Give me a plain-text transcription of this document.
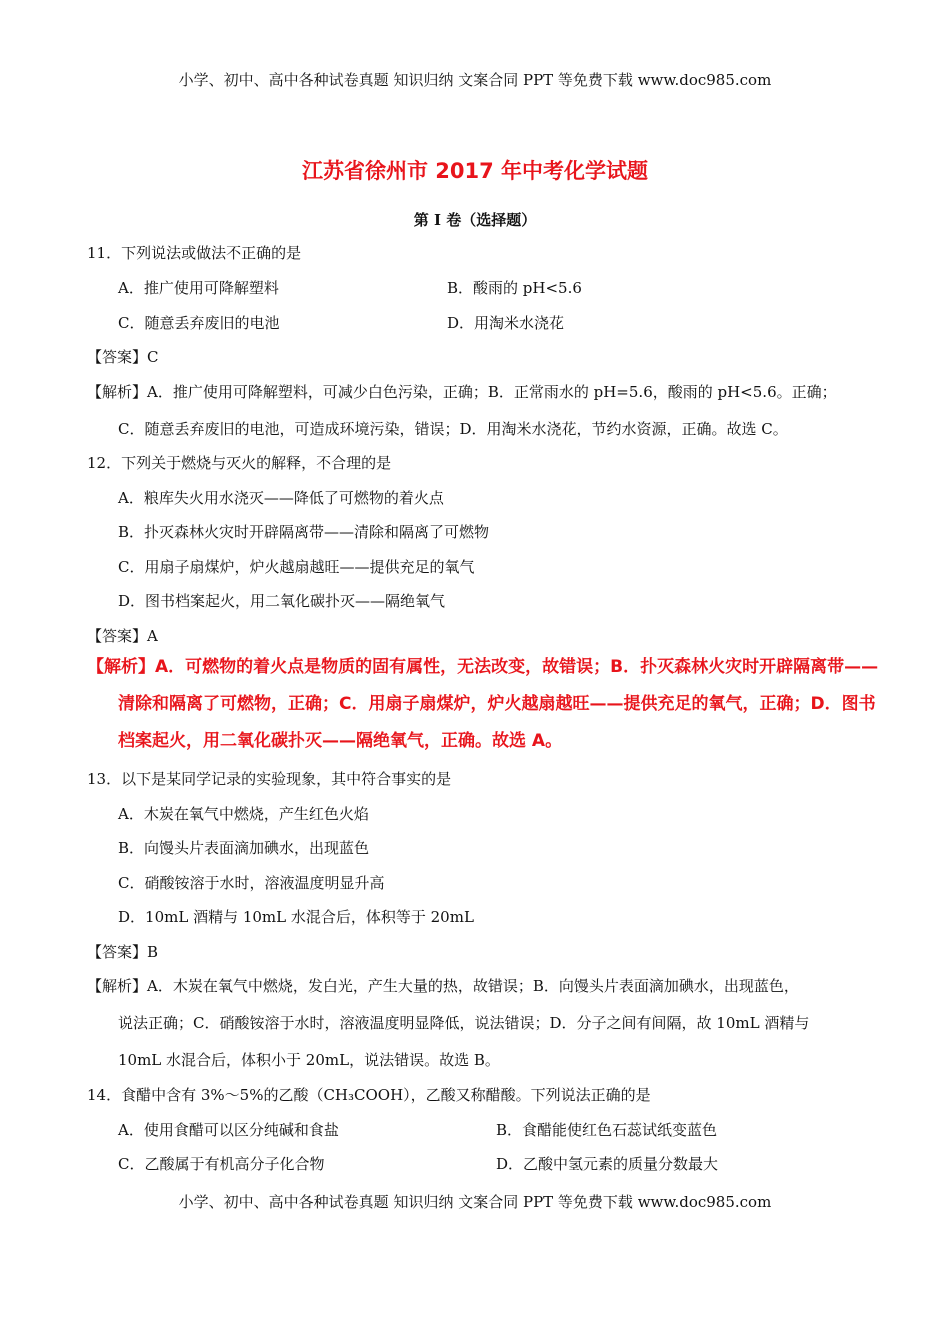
小学、初中、高中各种试卷真题 知识归纳 文案合同 PPT 等免费下载 www.doc985.com
江苏省徐州市 2017 年中考化学试题
第 I 卷（选择题）
11．下列说法或做法不正确的是
A．推广使用可降解塑料	B．酸雨的 pH<5.6
C．随意丢弃废旧的电池	D．用淘米水浇花
【答案】C
【解析】A．推广使用可降解塑料，可减少白色污染，正确；B．正常雨水的 pH=5.6，酸雨的 pH<5.6。正确；
C．随意丢弃废旧的电池，可造成环境污染，错误；D．用淘米水浇花，节约水资源，正确。故选 C。
12．下列关于燃烧与灭火的解释，不合理的是
A．粮库失火用水浇灭——降低了可燃物的着火点
B．扑灭森林火灾时开辟隔离带——清除和隔离了可燃物
C．用扇子扇煤炉，炉火越扇越旺——提供充足的氧气
D．图书档案起火，用二氧化碳扑灭——隔绝氧气
【答案】A
【解析】A．可燃物的着火点是物质的固有属性，无法改变，故错误；B．扑灭森林火灾时开辟隔离带——
清除和隔离了可燃物，正确；C．用扇子扇煤炉，炉火越扇越旺——提供充足的氧气，正确；D．图书
档案起火，用二氧化碳扑灭——隔绝氧气，正确。故选 A。
13．以下是某同学记录的实验现象，其中符合事实的是
A．木炭在氧气中燃烧，产生红色火焰
B．向馒头片表面滴加碘水，出现蓝色
C．硝酸铵溶于水时，溶液温度明显升高
D．10mL 酒精与 10mL 水混合后，体积等于 20mL
【答案】B
【解析】A．木炭在氧气中燃烧，发白光，产生大量的热，故错误；B．向馒头片表面滴加碘水，出现蓝色，
说法正确；C．硝酸铵溶于水时，溶液温度明显降低，说法错误；D．分子之间有间隔，故 10mL 酒精与
10mL 水混合后，体积小于 20mL，说法错误。故选 B。
14．食醋中含有 3%～5%的乙酸（CH₃COOH），乙酸又称醋酸。下列说法正确的是
A．使用食醋可以区分纯碱和食盐	B．食醋能使红色石蕊试纸变蓝色
C．乙酸属于有机高分子化合物	D．乙酸中氢元素的质量分数最大
小学、初中、高中各种试卷真题 知识归纳 文案合同 PPT 等免费下载 www.doc985.com
